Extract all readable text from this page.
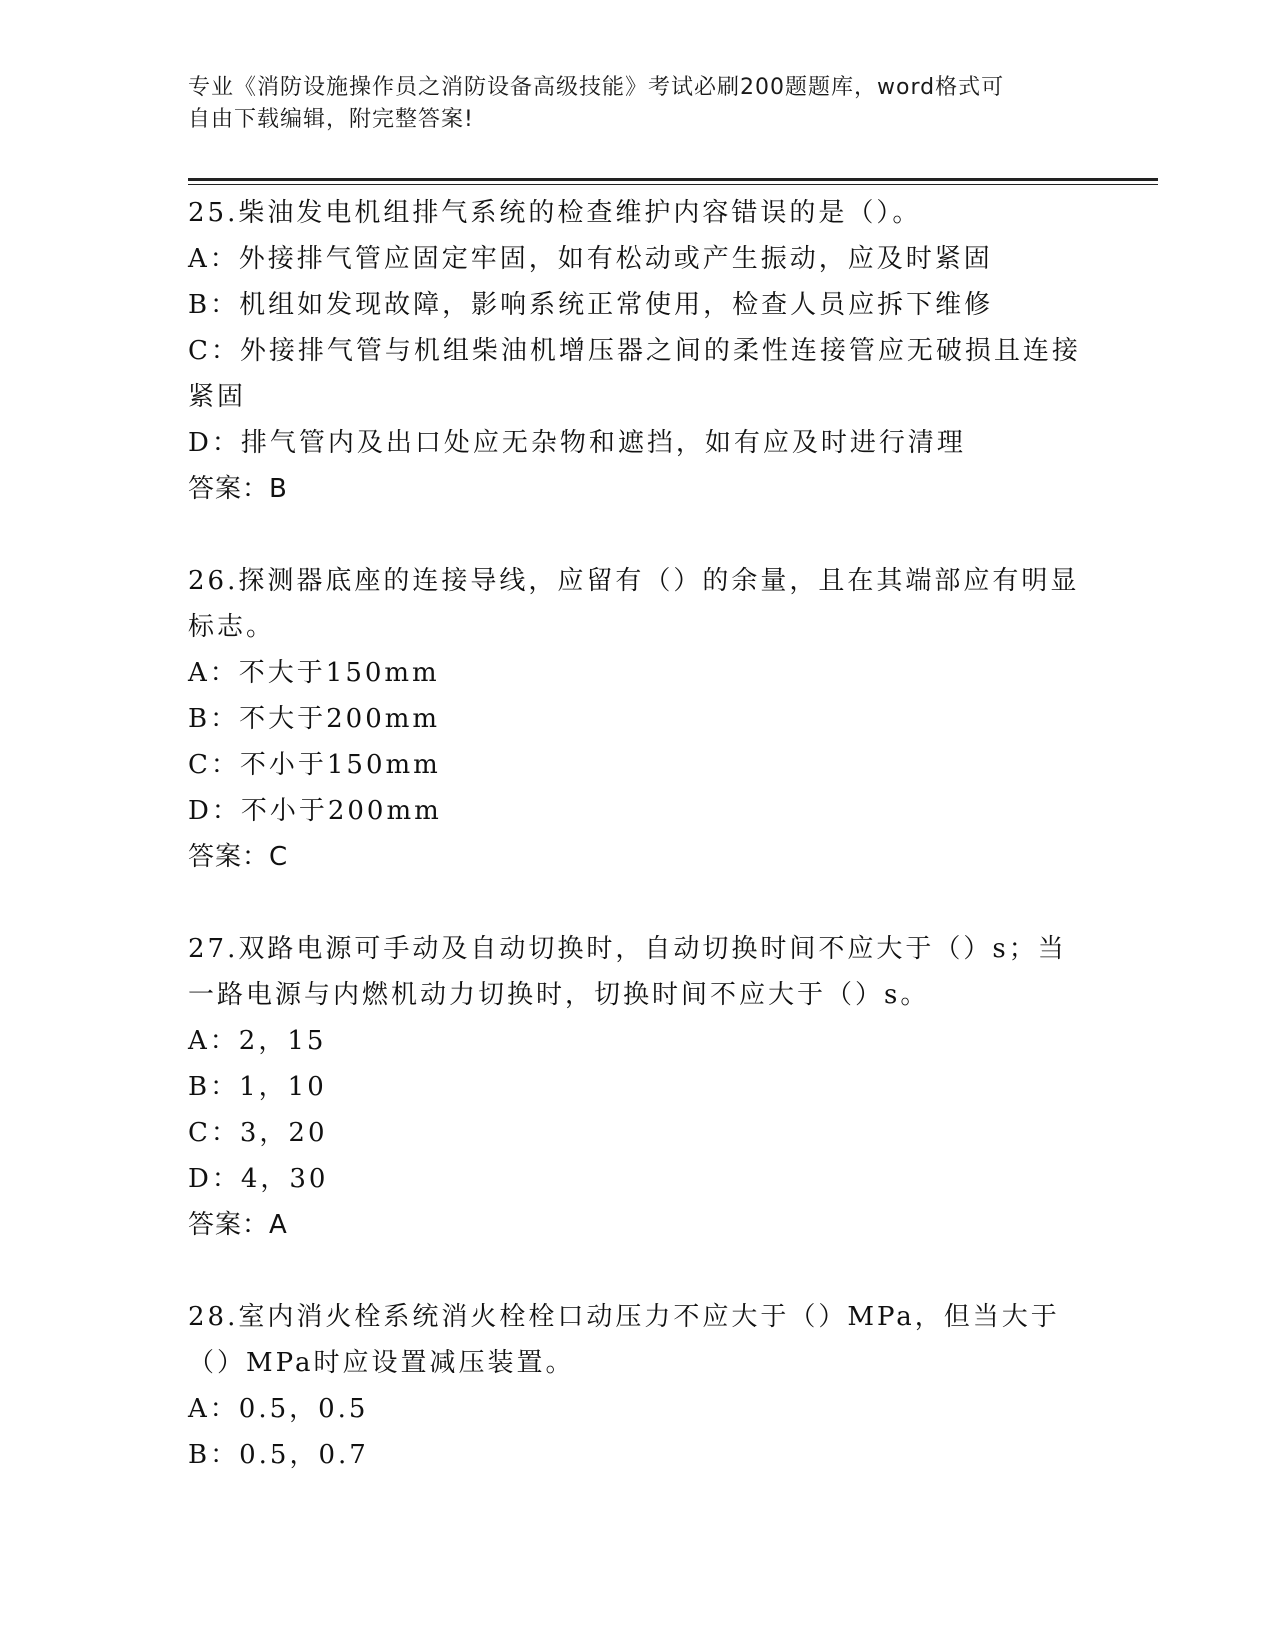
专业《消防设施操作员之消防设备高级技能》考试必刷200题题库，word格式可
自由下载编辑，附完整答案!
25.柴油发电机组排气系统的检查维护内容错误的是（）。
A：外接排气管应固定牢固，如有松动或产生振动，应及时紧固
B：机组如发现故障，影响系统正常使用，检查人员应拆下维修
C：外接排气管与机组柴油机增压器之间的柔性连接管应无破损且连接紧固
D：排气管内及出口处应无杂物和遮挡，如有应及时进行清理
答案：B
26.探测器底座的连接导线，应留有（）的余量，且在其端部应有明显标志。
A：不大于150mm
B：不大于200mm
C：不小于150mm
D：不小于200mm
答案：C
27.双路电源可手动及自动切换时，自动切换时间不应大于（）s；当一路电源与内燃机动力切换时，切换时间不应大于（）s。
A：2，15
B：1，10
C：3，20
D：4，30
答案：A
28.室内消火栓系统消火栓栓口动压力不应大于（）MPa，但当大于（）MPa时应设置减压装置。
A：0.5，0.5
B：0.5，0.7
